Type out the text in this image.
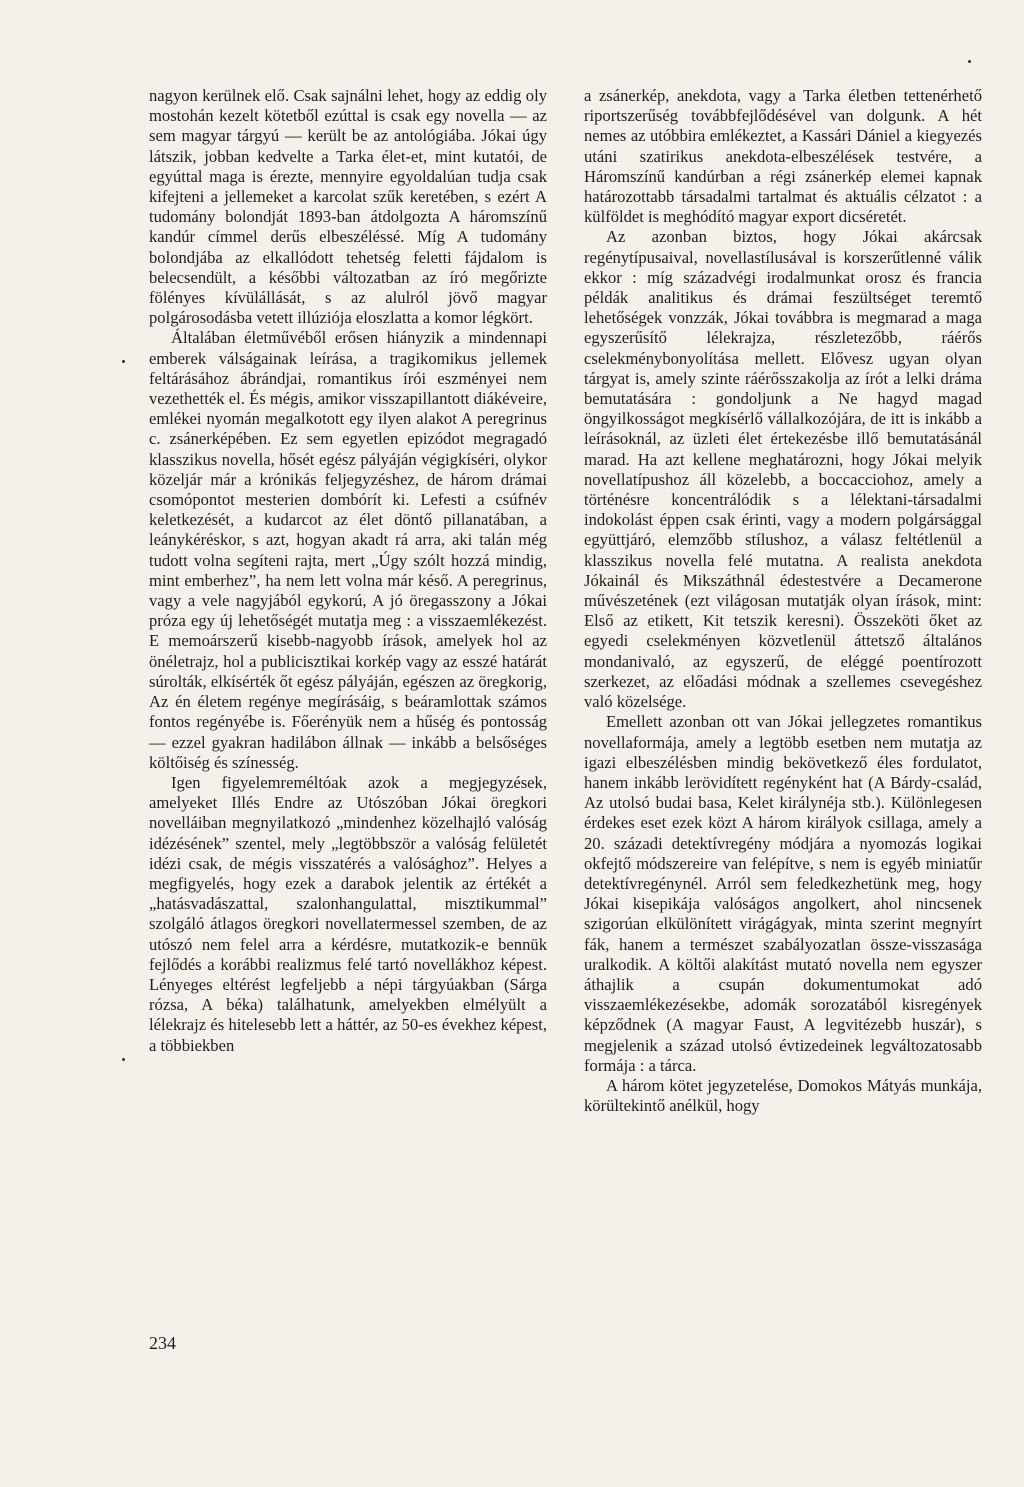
nagyon kerülnek elő. Csak sajnálni lehet, hogy az eddig oly mostohán kezelt kötetből ezúttal is csak egy novella — az sem magyar tárgyú — került be az antológiába. Jókai úgy látszik, jobban kedvelte a Tarka élet-et, mint kutatói, de egyúttal maga is érezte, mennyire egyoldalúan tudja csak kifejteni a jellemeket a karcolat szűk keretében, s ezért A tudomány bolondját 1893-ban átdolgozta A háromszínű kandúr címmel derűs elbeszéléssé. Míg A tudomány bolondjába az elkallódott tehetség feletti fájdalom is belecsendült, a későbbi változatban az író megőrizte fölényes kívülállását, s az alulról jövő magyar polgárosodásba vetett illúziója eloszlatta a komor légkört.

Általában életművéből erősen hiányzik a mindennapi emberek válságainak leírása, a tragikomikus jellemek feltárásához ábrándjai, romantikus írói eszményei nem vezethették el. És mégis, amikor visszapillantott diákéveire, emlékei nyomán megalkotott egy ilyen alakot A peregrinus c. zsánerképében. Ez sem egyetlen epizódot megragadó klasszikus novella, hősét egész pályáján végigkíséri, olykor közeljár már a krónikás feljegyzéshez, de három drámai csomópontot mesterien dombórít ki. Lefesti a csúfnév keletkezését, a kudarcot az élet döntő pillanatában, a leánykéréskor, s azt, hogyan akadt rá arra, aki talán még tudott volna segíteni rajta, mert „Úgy szólt hozzá mindig, mint emberhez”, ha nem lett volna már késő. A peregrinus, vagy a vele nagyjából egykorú, A jó öregasszony a Jókai próza egy új lehetőségét mutatja meg : a visszaemlékezést. E memoárszerű kisebb-nagyobb írások, amelyek hol az önéletrajz, hol a publicisztikai korkép vagy az esszé határát súrolták, elkísérték őt egész pályáján, egészen az öregkorig, Az én életem regénye megírásáig, s beáramlottak számos fontos regényébe is. Főerényük nem a hűség és pontosság — ezzel gyakran hadilábon állnak — inkább a belsőséges költőiség és színesség.

Igen figyelemreméltóak azok a megjegyzések, amelyeket Illés Endre az Utószóban Jókai öregkori novelláiban megnyilatkozó „mindenhez közelhajló valóság idézésének” szentel, mely „legtöbbször a valóság felületét idézi csak, de mégis visszatérés a valósághoz”. Helyes a megfigyelés, hogy ezek a darabok jelentik az értékét a „hatásvadászattal, szalonhangulattal, misztikummal” szolgáló átlagos öregkori novellatermessel szemben, de az utószó nem felel arra a kérdésre, mutatkozik-e bennük fejlődés a korábbi realizmus felé tartó novellákhoz képest. Lényeges eltérést legfeljebb a népi tárgyúakban (Sárga rózsa, A béka) találhatunk, amelyekben elmélyült a lélekrajz és hitelesebb lett a háttér, az 50-es évekhez képest, a többiekben

a zsánerkép, anekdota, vagy a Tarka életben tettenérhető riportszerűség továbbfejlődésével van dolgunk. A hét nemes az utóbbira emlékeztet, a Kassári Dániel a kiegyezés utáni szatirikus anekdota-elbeszélések testvére, a Háromszínű kandúrban a régi zsánerkép elemei kapnak határozottabb társadalmi tartalmat és aktuális célzatot : a külföldet is meghódító magyar export dicséretét.

Az azonban biztos, hogy Jókai akárcsak regénytípusaival, novellastílusával is korszerűtlenné válik ekkor : míg századvégi irodalmunkat orosz és francia példák analitikus és drámai feszültséget teremtő lehetőségek vonzzák, Jókai továbbra is megmarad a maga egyszerűsítő lélekrajza, részletezőbb, ráérős cselekménybonyolítása mellett. Elővesz ugyan olyan tárgyat is, amely szinte ráérősszakolja az írót a lelki dráma bemutatására : gondoljunk a Ne hagyd magad öngyilkosságot megkísérlő vállalkozójára, de itt is inkább a leírásoknál, az üzleti élet értekezésbe illő bemutatásánál marad. Ha azt kellene meghatározni, hogy Jókai melyik novellatípushoz áll közelebb, a boccacciohoz, amely a történésre koncentrálódik s a lélektani-társadalmi indokolást éppen csak érinti, vagy a modern polgársággal együttjáró, elemzőbb stílushoz, a válasz feltétlenül a klasszikus novella felé mutatna. A realista anekdota Jókainál és Mikszáthnál édestestvére a Decamerone művészetének (ezt világosan mutatják olyan írások, mint: Első az etikett, Kit tetszik keresni). Összeköti őket az egyedi cselekményen közvetlenül áttetsző általános mondanivaló, az egyszerű, de eléggé poentírozott szerkezet, az előadási módnak a szellemes csevegéshez való közelsége.

Emellett azonban ott van Jókai jellegzetes romantikus novellaformája, amely a legtöbb esetben nem mutatja az igazi elbeszélésben mindig bekövetkező éles fordulatot, hanem inkább lerövidített regényként hat (A Bárdy-család, Az utolsó budai basa, Kelet királynéja stb.). Különlegesen érdekes eset ezek közt A három királyok csillaga, amely a 20. századi detektívregény módjára a nyomozás logikai okfejtő módszereire van felépítve, s nem is egyéb miniatűr detektívregénynél. Arról sem feledkezhetünk meg, hogy Jókai kisepikája valóságos angolkert, ahol nincsenek szigorúan elkülönített virágágyak, minta szerint megnyírt fák, hanem a természet szabályozatlan össze-visszasága uralkodik. A költői alakítást mutató novella nem egyszer áthajlik a csupán dokumentumokat adó visszaemlékezésekbe, adomák sorozatából kisregények képződnek (A magyar Faust, A legvitézebb huszár), s megjelenik a század utolsó évtizedeinek legváltozatosabb formája : a tárca.

A három kötet jegyzetelése, Domokos Mátyás munkája, körültekintő anélkül, hogy

234
